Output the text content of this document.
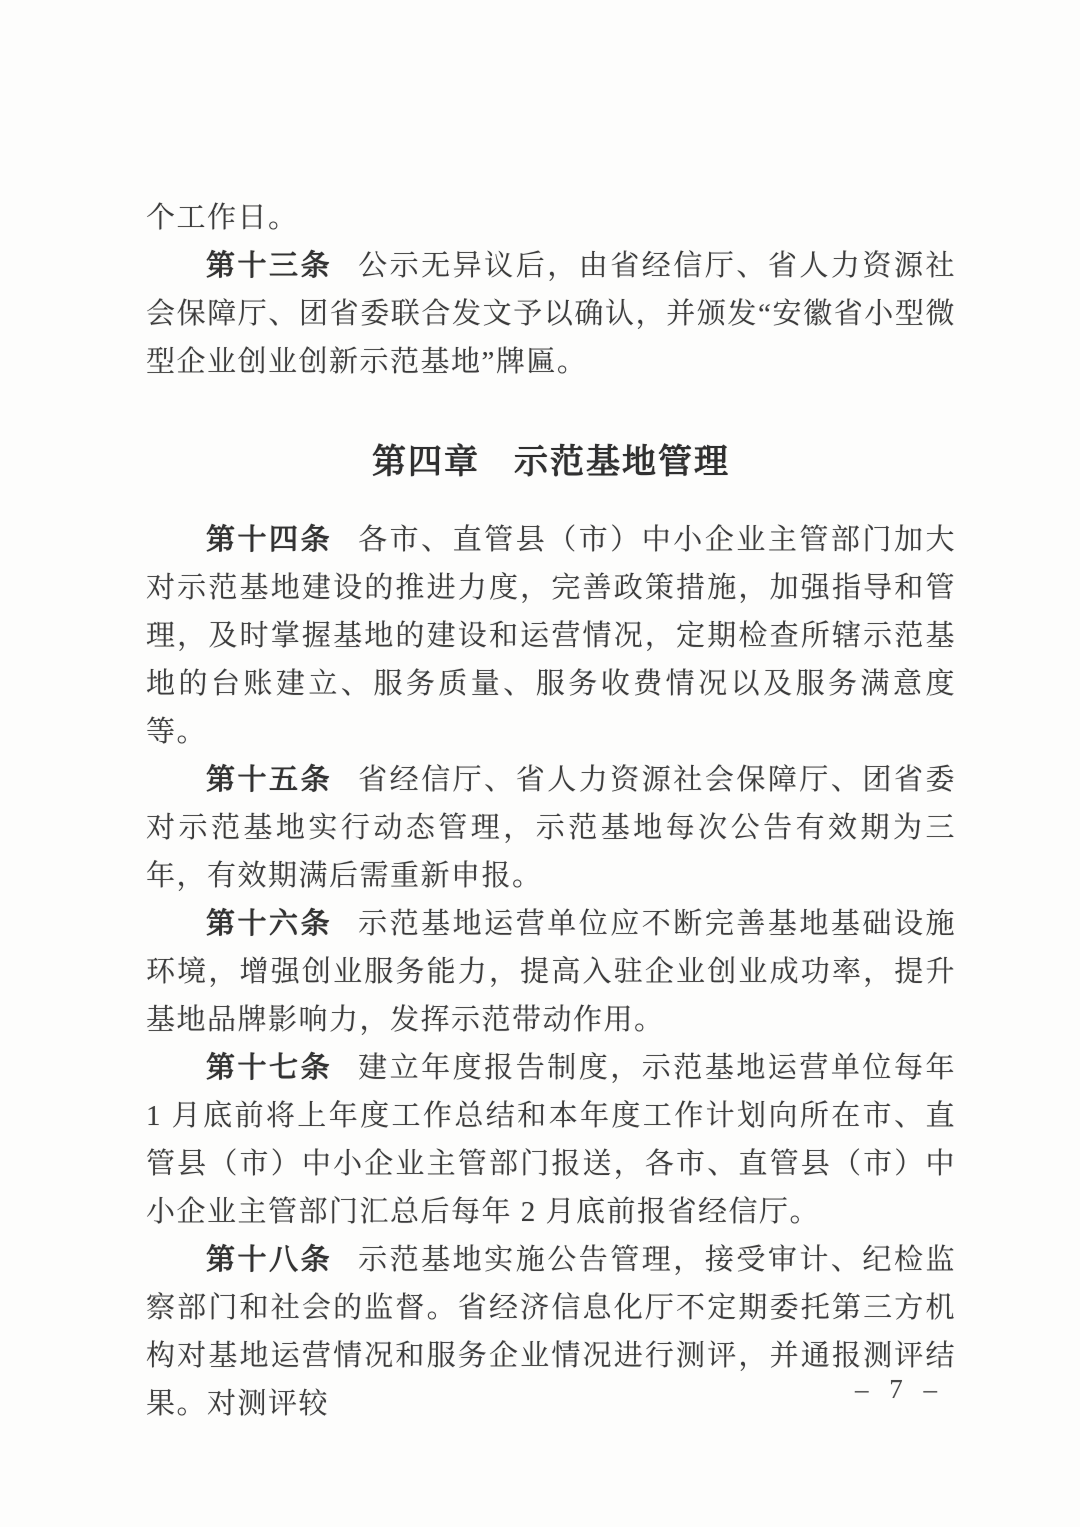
个工作日。

第十三条 公示无异议后，由省经信厅、省人力资源社会保障厅、团省委联合发文予以确认，并颁发“安徽省小型微型企业创业创新示范基地”牌匾。

第四章 示范基地管理

第十四条 各市、直管县（市）中小企业主管部门加大对示范基地建设的推进力度，完善政策措施，加强指导和管理，及时掌握基地的建设和运营情况，定期检查所辖示范基地的台账建立、服务质量、服务收费情况以及服务满意度等。

第十五条 省经信厅、省人力资源社会保障厅、团省委对示范基地实行动态管理，示范基地每次公告有效期为三年，有效期满后需重新申报。

第十六条 示范基地运营单位应不断完善基地基础设施环境，增强创业服务能力，提高入驻企业创业成功率，提升基地品牌影响力，发挥示范带动作用。

第十七条 建立年度报告制度，示范基地运营单位每年 1 月底前将上年度工作总结和本年度工作计划向所在市、直管县（市）中小企业主管部门报送，各市、直管县（市）中小企业主管部门汇总后每年 2 月底前报省经信厅。

第十八条 示范基地实施公告管理，接受审计、纪检监察部门和社会的监督。省经济信息化厅不定期委托第三方机构对基地运营情况和服务企业情况进行测评，并通报测评结果。对测评较	– 7 –
